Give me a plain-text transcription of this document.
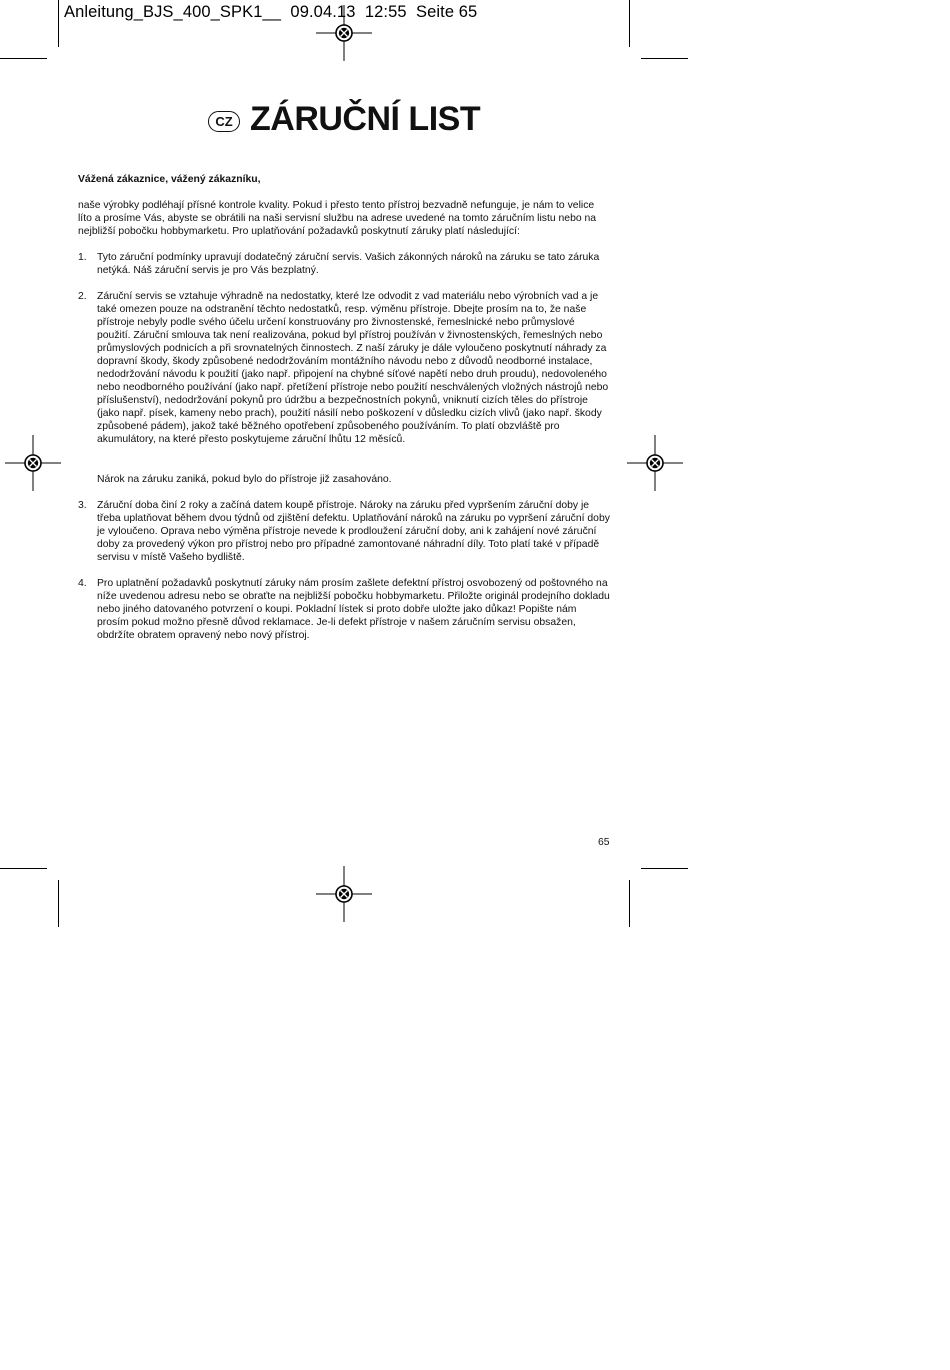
Anleitung_BJS_400_SPK1__  09.04.13  12:55  Seite 65
CZ ZÁRUČNÍ LIST
Vážená zákaznice, vážený zákazníku,
naše výrobky podléhají přísné kontrole kvality. Pokud i přesto tento přístroj bezvadně nefunguje, je nám to velice líto a prosíme Vás, abyste se obrátili na naši servisní službu na adrese uvedené na tomto záručním listu nebo na nejbližší pobočku hobbymarketu. Pro uplatňování požadavků poskytnutí záruky platí následující:
1. Tyto záruční podmínky upravují dodatečný záruční servis. Vašich zákonných nároků na záruku se tato záruka netýká. Náš záruční servis je pro Vás bezplatný.
2. Záruční servis se vztahuje výhradně na nedostatky, které lze odvodit z vad materiálu nebo výrobních vad a je také omezen pouze na odstranění těchto nedostatků, resp. výměnu přístroje. Dbejte prosím na to, že naše přístroje nebyly podle svého účelu určení konstruovány pro živnostenské, řemeslnické nebo průmyslové použití. Záruční smlouva tak není realizována, pokud byl přístroj používán v živnostenských, řemeslných nebo průmyslových podnicích a při srovnatelných činnostech. Z naší záruky je dále vyloučeno poskytnutí náhrady za dopravní škody, škody způsobené nedodržováním montážního návodu nebo z důvodů neodborné instalace, nedodržování návodu k použití (jako např. připojení na chybné síťové napětí nebo druh proudu), nedovoleného nebo neodborného používání (jako např. přetížení přístroje nebo použití neschválených vložných nástrojů nebo příslušenství), nedodržování pokynů pro údržbu a bezpečnostních pokynů, vniknutí cizích těles do přístroje (jako např. písek, kameny nebo prach), použití násilí nebo poškození v důsledku cizích vlivů (jako např. škody způsobené pádem), jakož také běžného opotřebení způsobeného používáním. To platí obzvláště pro akumulátory, na které přesto poskytujeme záruční lhůtu 12 měsíců.
Nárok na záruku zaniká, pokud bylo do přístroje již zasahováno.
3. Záruční doba činí 2 roky a začíná datem koupě přístroje. Nároky na záruku před vypršením záruční doby je třeba uplatňovat během dvou týdnů od zjištění defektu. Uplatňování nároků na záruku po vypršení záruční doby je vyloučeno. Oprava nebo výměna přístroje nevede k prodloužení záruční doby, ani k zahájení nové záruční doby za provedený výkon pro přístroj nebo pro případné zamontované náhradní díly. Toto platí také v případě servisu v místě Vašeho bydliště.
4. Pro uplatnění požadavků poskytnutí záruky nám prosím zašlete defektní přístroj osvobozený od poštovného na níže uvedenou adresu nebo se obraťte na nejbližší pobočku hobbymarketu. Přiložte originál prodejního dokladu nebo jiného datovaného potvrzení o koupi. Pokladní lístek si proto dobře uložte jako důkaz! Popište nám prosím pokud možno přesně důvod reklamace. Je-li defekt přístroje v našem záručním servisu obsažen, obdržíte obratem opravený nebo nový přístroj.
65
